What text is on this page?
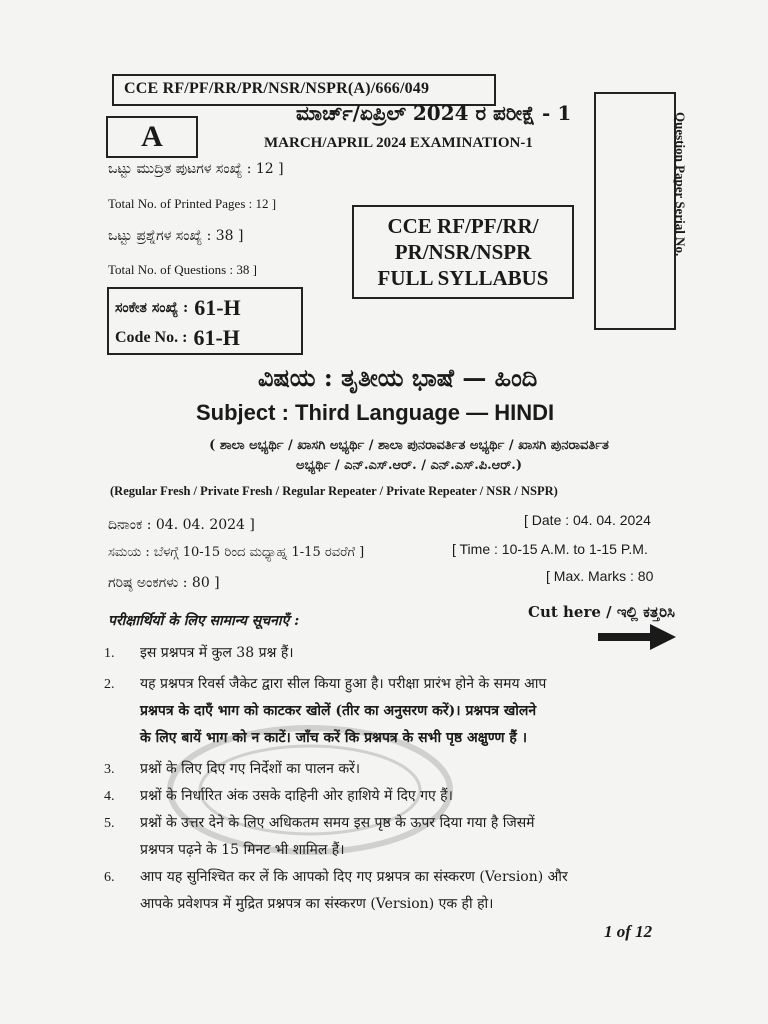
CCE RF/PF/RR/PR/NSR/NSPR(A)/666/049
A
ಮಾರ್ಚ್/ಏಪ್ರಿಲ್ 2024 ರ ಪರೀಕ್ಷೆ - 1
MARCH/APRIL 2024 EXAMINATION-1
ಒಟ್ಟು ಮುದ್ರಿತ ಪುಟಗಳ ಸಂಖ್ಯೆ : 12 ]
Total No. of Printed Pages : 12 ]
ಒಟ್ಟು ಪ್ರಶ್ನೆಗಳ ಸಂಖ್ಯೆ : 38 ]
Total No. of Questions : 38 ]
CCE RF/PF/RR/
PR/NSR/NSPR
FULL SYLLABUS
Question Paper Serial No.
ಸಂಕೇತ ಸಂಖ್ಯೆ : 61-H
Code No. : 61-H
ವಿಷಯ : ತೃತೀಯ ಭಾಷೆ — ಹಿಂದಿ
Subject : Third Language — HINDI
( ಶಾಲಾ ಅಭ್ಯರ್ಥಿ / ಖಾಸಗಿ ಅಭ್ಯರ್ಥಿ / ಶಾಲಾ ಪುನರಾವರ್ತಿತ ಅಭ್ಯರ್ಥಿ / ಖಾಸಗಿ ಪುನರಾವರ್ತಿತ
ಅಭ್ಯರ್ಥಿ / ಎನ್.ಎಸ್.ಆರ್. / ಎನ್.ಎಸ್.ಪಿ.ಆರ್.)
(Regular Fresh / Private Fresh / Regular Repeater / Private Repeater / NSR / NSPR)
ದಿನಾಂಕ : 04. 04. 2024 ]	[ Date : 04. 04. 2024
ಸಮಯ : ಬೆಳಗ್ಗೆ 10-15 ರಿಂದ ಮಧ್ಯಾಹ್ನ 1-15 ರವರೆಗೆ ]	[ Time : 10-15 A.M. to 1-15 P.M.
ಗರಿಷ್ಠ ಅಂಕಗಳು : 80 ]	[ Max. Marks : 80
परीक्षार्थियों के लिए सामान्य सूचनाएँ :	Cut here / ಇಲ್ಲಿ ಕತ್ತರಿಸಿ
1.	इस प्रश्नपत्र में कुल 38 प्रश्न हैं।
2.	यह प्रश्नपत्र रिवर्स जैकेट द्वारा सील किया हुआ है। परीक्षा प्रारंभ होने के समय आप
प्रश्नपत्र के दाएँ भाग को काटकर खोलें (तीर का अनुसरण करें)। प्रश्नपत्र खोलने
के लिए बायें भाग को न काटें। जाँच करें कि प्रश्नपत्र के सभी पृष्ठ अक्षुण्ण हैं ।
3.	प्रश्नों के लिए दिए गए निर्देशों का पालन करें।
4.	प्रश्नों के निर्धारित अंक उसके दाहिनी ओर हाशिये में दिए गए हैं।
5.	प्रश्नों के उत्तर देने के लिए अधिकतम समय इस पृष्ठ के ऊपर दिया गया है जिसमें
प्रश्नपत्र पढ़ने के 15 मिनट भी शामिल हैं।
6.	आप यह सुनिश्चित कर लें कि आपको दिए गए प्रश्नपत्र का संस्करण (Version) और
आपके प्रवेशपत्र में मुद्रित प्रश्नपत्र का संस्करण (Version) एक ही हो।
1 of 12
